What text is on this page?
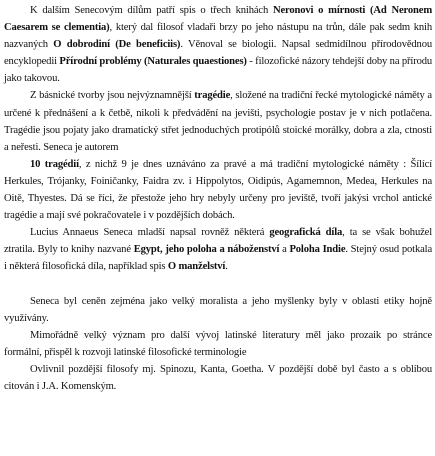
K dalším Senecovým dílům patří spis o třech knihách Neronovi o mírnosti (Ad Neronem Caesarem se clementia), který dal filosof vladaři brzy po jeho nástupu na trůn, dále pak sedm knih nazvaných O dobrodiní (De beneficiis). Věnoval se biologii. Napsal sedmidílnou přírodovědnou encyklopedii Přírodní problémy (Naturales quaestiones) - filozofické názory tehdejší doby na přírodu jako takovou.

Z básnické tvorby jsou nejvýznamnější tragédie, složené na tradiční řecké mytologické náměty a určené k přednášení a k četbě, nikoli k předvádění na jevišti, psychologie postav je v nich potlačena. Tragédie jsou pojaty jako dramatický střet jednoduchých protipólů stoické morálky, dobra a zla, ctnosti a neřesti. Seneca je autorem

10 tragédií, z nichž 9 je dnes uznáváno za pravé a má tradiční mytologické náměty : Šílící Herkules, Trójanky, Foiničanky, Faidra zv. i Hippolytos, Oidipús, Agamemnon, Medea, Herkules na Oitě, Thyestes. Dá se říci, že přestože jeho hry nebyly určeny pro jeviště, tvoří jakýsi vrchol antické tragédie a mají své pokračovatele i v pozdějších dobách.

Lucius Annaeus Seneca mladší napsal rovněž některá geografická díla, ta se však bohužel ztratila. Byly to knihy nazvané Egypt, jeho poloha a náboženství a Poloha Indie. Stejný osud potkala i některá filosofická díla, například spis O manželství.

Seneca byl ceněn zejména jako velký moralista a jeho myšlenky byly v oblasti etiky hojně využívány.

Mimořádně velký význam pro další vývoj latinské literatury měl jako prozaik po stránce formální, přispěl k rozvoji latinské filosofické terminologie

Ovlivnil pozdější filosofy mj. Spinozu, Kanta, Goetha. V pozdější době byl často a s oblibou citován i J.A. Komenským.
